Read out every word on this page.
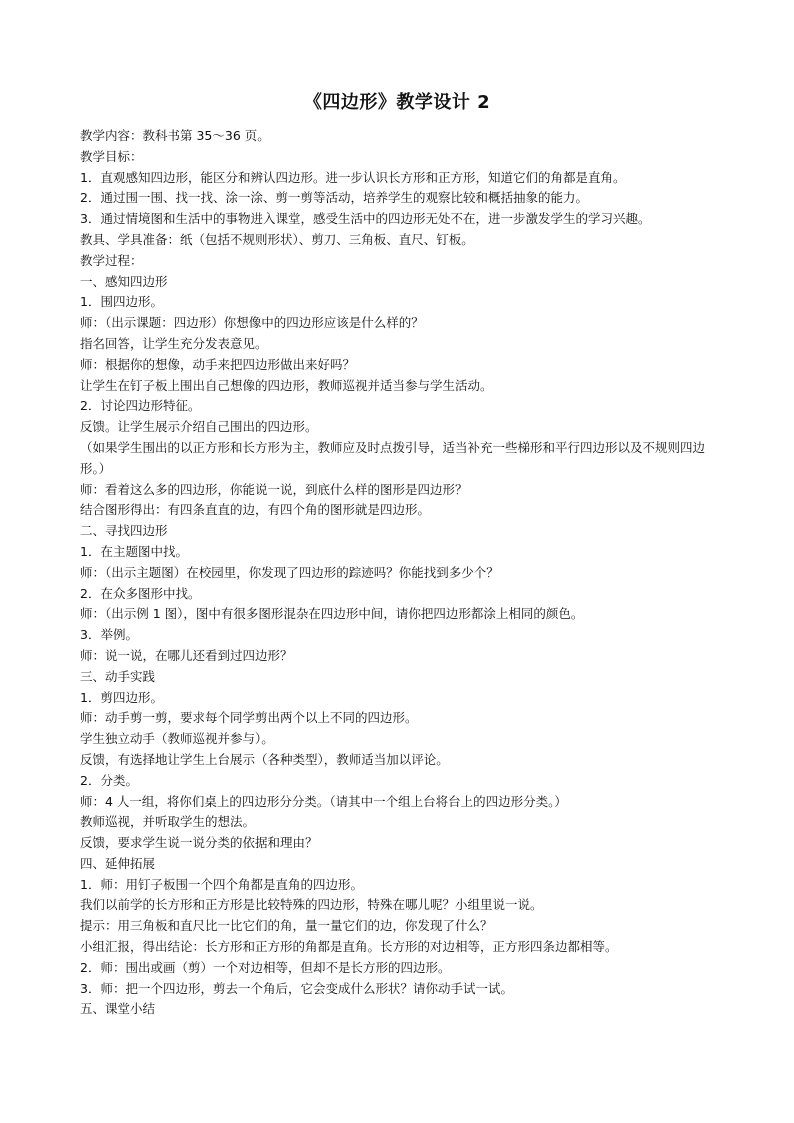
《四边形》教学设计 2

教学内容：教科书第 35～36 页。

教学目标：

1．直观感知四边形，能区分和辨认四边形。进一步认识长方形和正方形，知道它们的角都是直角。

2．通过围一围、找一找、涂一涂、剪一剪等活动，培养学生的观察比较和概括抽象的能力。

3．通过情境图和生活中的事物进入课堂，感受生活中的四边形无处不在，进一步激发学生的学习兴趣。

教具、学具准备：纸（包括不规则形状）、剪刀、三角板、直尺、钉板。

教学过程：

一、感知四边形

1．围四边形。

师：（出示课题：四边形）你想像中的四边形应该是什么样的？

指名回答，让学生充分发表意见。

师：根据你的想像，动手来把四边形做出来好吗？

让学生在钉子板上围出自己想像的四边形，教师巡视并适当参与学生活动。

2．讨论四边形特征。

反馈。让学生展示介绍自己围出的四边形。

（如果学生围出的以正方形和长方形为主，教师应及时点拨引导，适当补充一些梯形和平行四边形以及不规则四边形。）

师：看着这么多的四边形，你能说一说，到底什么样的图形是四边形？

结合图形得出：有四条直直的边，有四个角的图形就是四边形。

二、寻找四边形

1．在主题图中找。

师：（出示主题图）在校园里，你发现了四边形的踪迹吗？你能找到多少个？

2．在众多图形中找。

师：（出示例 1 图），图中有很多图形混杂在四边形中间，请你把四边形都涂上相同的颜色。

3．举例。

师：说一说，在哪儿还看到过四边形？

三、动手实践

1．剪四边形。

师：动手剪一剪，要求每个同学剪出两个以上不同的四边形。

学生独立动手（教师巡视并参与）。

反馈，有选择地让学生上台展示（各种类型），教师适当加以评论。

2．分类。

师：4 人一组，将你们桌上的四边形分分类。（请其中一个组上台将台上的四边形分类。）

教师巡视，并听取学生的想法。

反馈，要求学生说一说分类的依据和理由？

四、延伸拓展

1．师：用钉子板围一个四个角都是直角的四边形。

我们以前学的长方形和正方形是比较特殊的四边形，特殊在哪儿呢？小组里说一说。

提示：用三角板和直尺比一比它们的角，量一量它们的边，你发现了什么？

小组汇报，得出结论：长方形和正方形的角都是直角。长方形的对边相等，正方形四条边都相等。

2．师：围出或画（剪）一个对边相等，但却不是长方形的四边形。

3．师：把一个四边形，剪去一个角后，它会变成什么形状？请你动手试一试。

五、课堂小结
